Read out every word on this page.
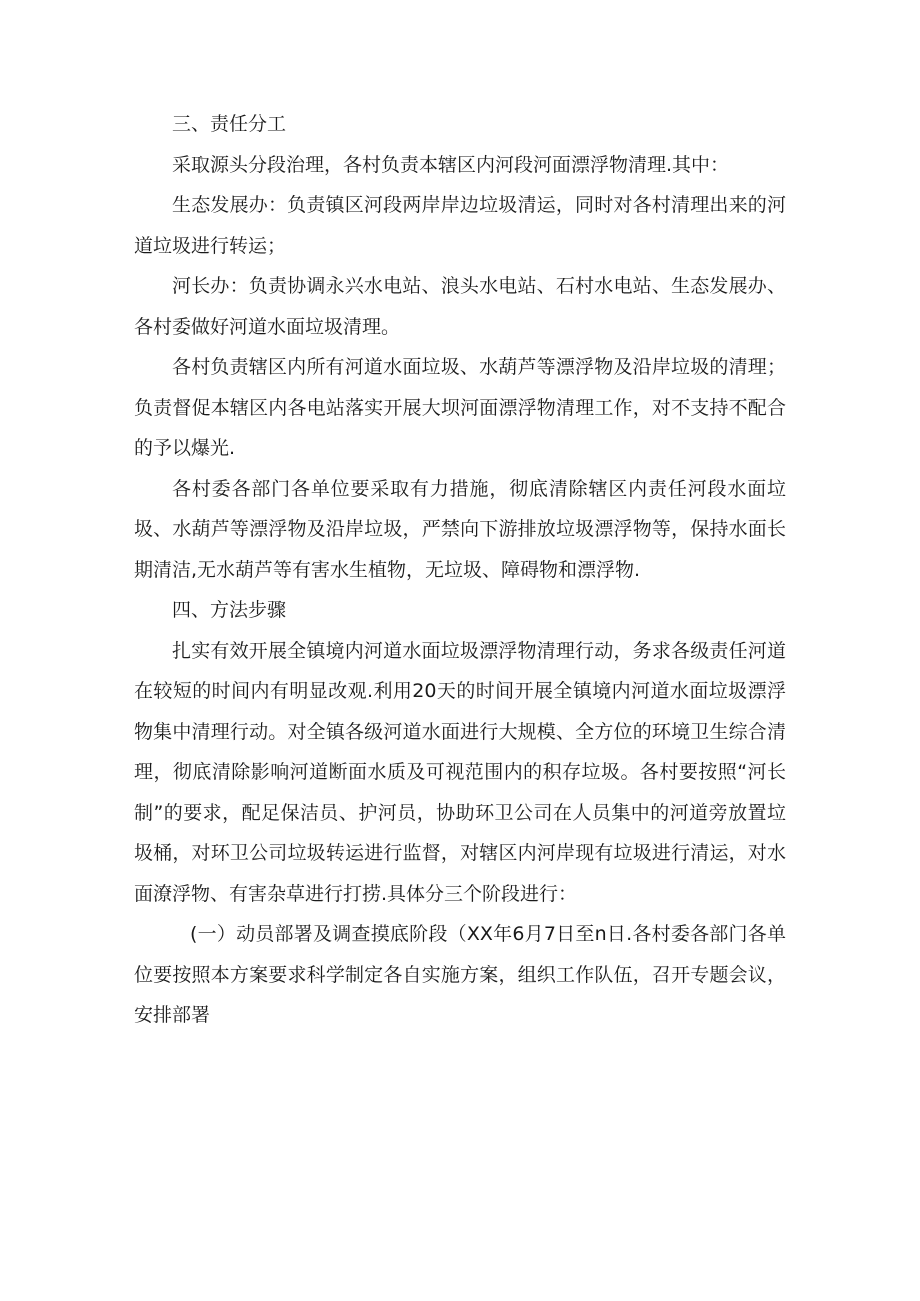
三、责任分工

采取源头分段治理，各村负责本辖区内河段河面漂浮物清理.其中：

生态发展办：负责镇区河段两岸岸边垃圾清运，同时对各村清理出来的河道垃圾进行转运；

河长办：负责协调永兴水电站、浪头水电站、石村水电站、生态发展办、各村委做好河道水面垃圾清理。

各村负责辖区内所有河道水面垃圾、水葫芦等漂浮物及沿岸垃圾的清理；负责督促本辖区内各电站落实开展大坝河面漂浮物清理工作，对不支持不配合的予以爆光.

各村委各部门各单位要采取有力措施，彻底清除辖区内责任河段水面垃圾、水葫芦等漂浮物及沿岸垃圾，严禁向下游排放垃圾漂浮物等，保持水面长期清洁,无水葫芦等有害水生植物，无垃圾、障碍物和漂浮物.

四、方法步骤

扎实有效开展全镇境内河道水面垃圾漂浮物清理行动，务求各级责任河道在较短的时间内有明显改观.利用20天的时间开展全镇境内河道水面垃圾漂浮物集中清理行动。对全镇各级河道水面进行大规模、全方位的环境卫生综合清理，彻底清除影响河道断面水质及可视范围内的积存垃圾。各村要按照“河长制”的要求，配足保洁员、护河员，协助环卫公司在人员集中的河道旁放置垃圾桶，对环卫公司垃圾转运进行监督，对辖区内河岸现有垃圾进行清运，对水面潦浮物、有害杂草进行打捞.具体分三个阶段进行：

(一）动员部署及调查摸底阶段（XX年6月7日至n日.各村委各部门各单位要按照本方案要求科学制定各自实施方案，组织工作队伍，召开专题会议，安排部署
